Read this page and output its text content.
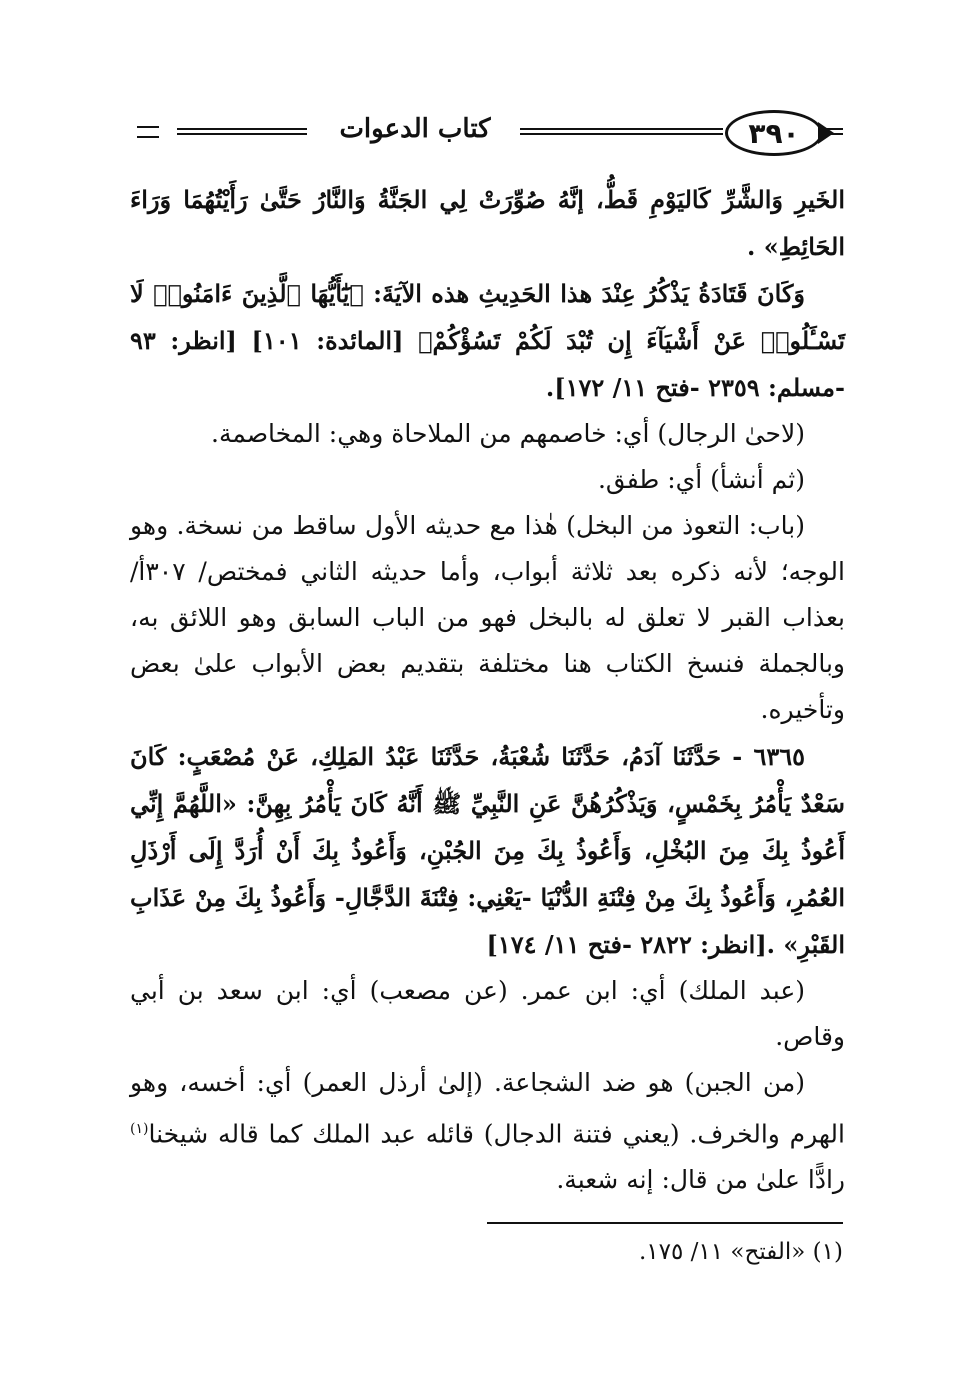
كتاب الدعوات	٣٩٠

الخَيرِ وَالشَّرِّ كَاليَوْمِ قَطُّ، إنَّهُ صُوِّرَتْ لِي الجَنَّةُ وَالنَّارُ حَتَّىٰ رَأَيْتُهُمَا وَرَاءَ الحَائِطِ» .

وَكَانَ قَتَادَةُ يَذْكُرُ عِنْدَ هذا الحَدِيثِ هذه الآيَةَ: ﴿يَٰٓأَيُّهَا ٱلَّذِينَ ءَامَنُوا۟ لَا تَسْـَٔلُوا۟ عَنْ أَشْيَآءَ إِن تُبْدَ لَكُمْ تَسُؤْكُمْ﴾ [المائدة: ١٠١] [انظر: ٩٣ -مسلم: ٢٣٥٩ -فتح ١١/ ١٧٢].

(لاحىٰ الرجال) أي: خاصمهم من الملاحاة وهي: المخاصمة.

(ثم أنشأ) أي: طفق.

(باب: التعوذ من البخل) هٰذا مع حديثه الأول ساقط من نسخة. وهو الوجه؛ لأنه ذكره بعد ثلاثة أبواب، وأما حديثه الثاني فمختص/ ٣٠٧أ/ بعذاب القبر لا تعلق له بالبخل فهو من الباب السابق وهو اللائق به، وبالجملة فنسخ الكتاب هنا مختلفة بتقديم بعض الأبواب علىٰ بعض وتأخيره.

٦٣٦٥ - حَدَّثَنَا آدَمُ، حَدَّثَنَا شُعْبَةُ، حَدَّثَنَا عَبْدُ المَلِكِ، عَنْ مُصْعَبٍ: كَانَ سَعْدٌ يَأْمُرُ بِخَمْسٍ، وَيَذْكُرُهُنَّ عَنِ النَّبِيِّ ﷺ أَنَّهُ كَانَ يَأْمُرُ بِهِنَّ: «اللَّهُمَّ إِنِّي أَعُوذُ بِكَ مِنَ البُخْلِ، وَأَعُوذُ بِكَ مِنَ الجُبْنِ، وَأَعُوذُ بِكَ أَنْ أُرَدَّ إِلَى أَرْذَلِ العُمُرِ، وَأَعُوذُ بِكَ مِنْ فِتْنَةِ الدُّنْيَا -يَعْنِي: فِتْنَةَ الدَّجَّالِ- وَأَعُوذُ بِكَ مِنْ عَذَابِ القَبْرِ» .[انظر: ٢٨٢٢ -فتح ١١/ ١٧٤]

(عبد الملك) أي: ابن عمر. (عن مصعب) أي: ابن سعد بن أبي وقاص.

(من الجبن) هو ضد الشجاعة. (إلىٰ أرذل العمر) أي: أخسه، وهو الهرم والخرف. (يعني فتنة الدجال) قائله عبد الملك كما قاله شيخنا$^{(١)}$ رادًّا علىٰ من قال: إنه شعبة.

(١) «الفتح» ١١/ ١٧٥.
